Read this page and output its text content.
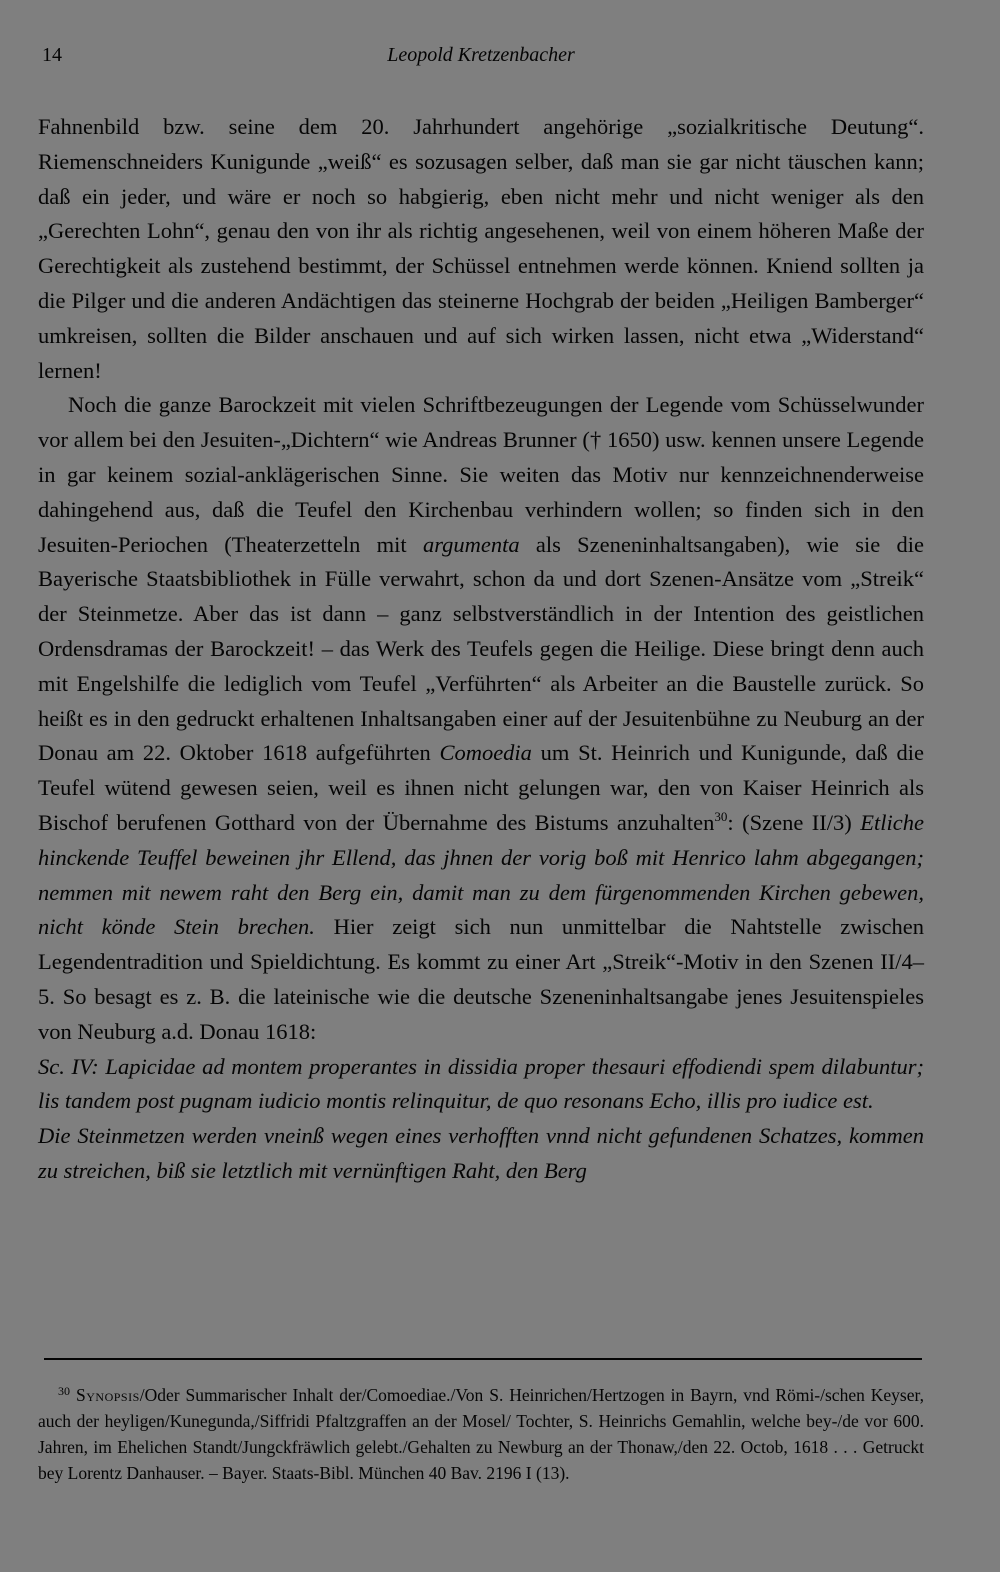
14	Leopold Kretzenbacher

Fahnenbild bzw. seine dem 20. Jahrhundert angehörige „sozialkritische Deutung“. Riemenschneiders Kunigunde „weiß“ es sozusagen selber, daß man sie gar nicht täuschen kann; daß ein jeder, und wäre er noch so habgierig, eben nicht mehr und nicht weniger als den „Gerechten Lohn“, genau den von ihr als richtig angesehenen, weil von einem höheren Maße der Gerechtigkeit als zustehend bestimmt, der Schüssel entnehmen werde können. Kniend sollten ja die Pilger und die anderen Andächtigen das steinerne Hochgrab der beiden „Heiligen Bamberger“ umkreisen, sollten die Bilder anschauen und auf sich wirken lassen, nicht etwa „Widerstand“ lernen!

Noch die ganze Barockzeit mit vielen Schriftbezeugungen der Legende vom Schüsselwunder vor allem bei den Jesuiten-„Dichtern“ wie Andreas Brunner († 1650) usw. kennen unsere Legende in gar keinem sozial-anklägerischen Sinne. Sie weiten das Motiv nur kennzeichnenderweise dahingehend aus, daß die Teufel den Kirchenbau verhindern wollen; so finden sich in den Jesuiten-Periochen (Theaterzetteln mit argumenta als Szeneninhaltsangaben), wie sie die Bayerische Staatsbibliothek in Fülle verwahrt, schon da und dort Szenen-Ansätze vom „Streik“ der Steinmetze. Aber das ist dann – ganz selbstverständlich in der Intention des geistlichen Ordensdramas der Barockzeit! – das Werk des Teufels gegen die Heilige. Diese bringt denn auch mit Engelshilfe die lediglich vom Teufel „Verführten“ als Arbeiter an die Baustelle zurück. So heißt es in den gedruckt erhaltenen Inhaltsangaben einer auf der Jesuitenbühne zu Neuburg an der Donau am 22. Oktober 1618 aufgeführten Comoedia um St. Heinrich und Kunigunde, daß die Teufel wütend gewesen seien, weil es ihnen nicht gelungen war, den von Kaiser Heinrich als Bischof berufenen Gotthard von der Übernahme des Bistums anzuhalten$^{30}$: (Szene II/3) Etliche hinckende Teuffel beweinen jhr Ellend, das jhnen der vorig boß mit Henrico lahm abgegangen; nemmen mit newem raht den Berg ein, damit man zu dem fürgenommenden Kirchen gebewen, nicht könde Stein brechen. Hier zeigt sich nun unmittelbar die Nahtstelle zwischen Legendentradition und Spieldichtung. Es kommt zu einer Art „Streik“-Motiv in den Szenen II/4–5. So besagt es z. B. die lateinische wie die deutsche Szeneninhaltsangabe jenes Jesuitenspieles von Neuburg a.d. Donau 1618:

Sc. IV: Lapicidae ad montem properantes in dissidia proper thesauri effodiendi spem dilabuntur; lis tandem post pugnam iudicio montis relinquitur, de quo resonans Echo, illis pro iudice est.

Die Steinmetzen werden vneinß wegen eines verhofften vnnd nicht gefundenen Schatzes, kommen zu streichen, biß sie letztlich mit vernünftigen Raht, den Berg

$^{30}$ Synopsis/Oder Summarischer Inhalt der/Comoediae./Von S. Heinrichen/Hertzogen in Bayrn, vnd Römi-/schen Keyser, auch der heyligen/Kunegunda,/Siffridi Pfaltzgraffen an der Mosel/ Tochter, S. Heinrichs Gemahlin, welche bey-/de vor 600. Jahren, im Ehelichen Standt/Jungckfräwlich gelebt./Gehalten zu Newburg an der Thonaw,/den 22. Octob, 1618 . . . Getruckt bey Lorentz Danhauser. – Bayer. Staats-Bibl. München 40 Bav. 2196 I (13).
